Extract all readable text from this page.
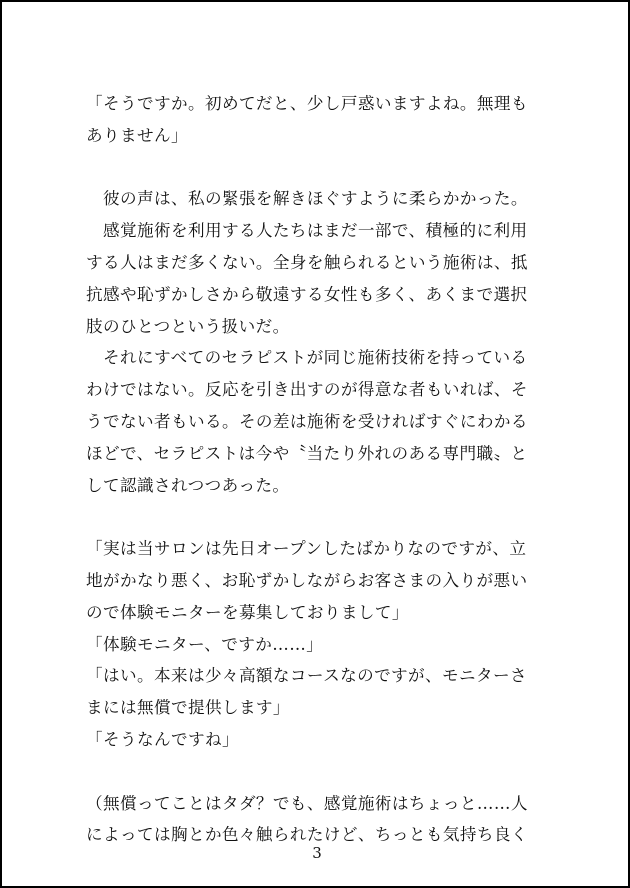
「そうですか。初めてだと、少し戸惑いますよね。無理も
ありません」
　彼の声は、私の緊張を解きほぐすように柔らかかった。
　感覚施術を利用する人たちはまだ一部で、積極的に利用
する人はまだ多くない。全身を触られるという施術は、抵
抗感や恥ずかしさから敬遠する女性も多く、あくまで選択
肢のひとつという扱いだ。
　それにすべてのセラピストが同じ施術技術を持っている
わけではない。反応を引き出すのが得意な者もいれば、そ
うでない者もいる。その差は施術を受ければすぐにわかる
ほどで、セラピストは今や〝当たり外れのある専門職〟と
して認識されつつあった。
「実は当サロンは先日オープンしたばかりなのですが、立
地がかなり悪く、お恥ずかしながらお客さまの入りが悪い
ので体験モニターを募集しておりまして」
「体験モニター、ですか……」
「はい。本来は少々高額なコースなのですが、モニターさ
まには無償で提供します」
「そうなんですね」
（無償ってことはタダ？でも、感覚施術はちょっと……人
によっては胸とか色々触られたけど、ちっとも気持ち良く
3
